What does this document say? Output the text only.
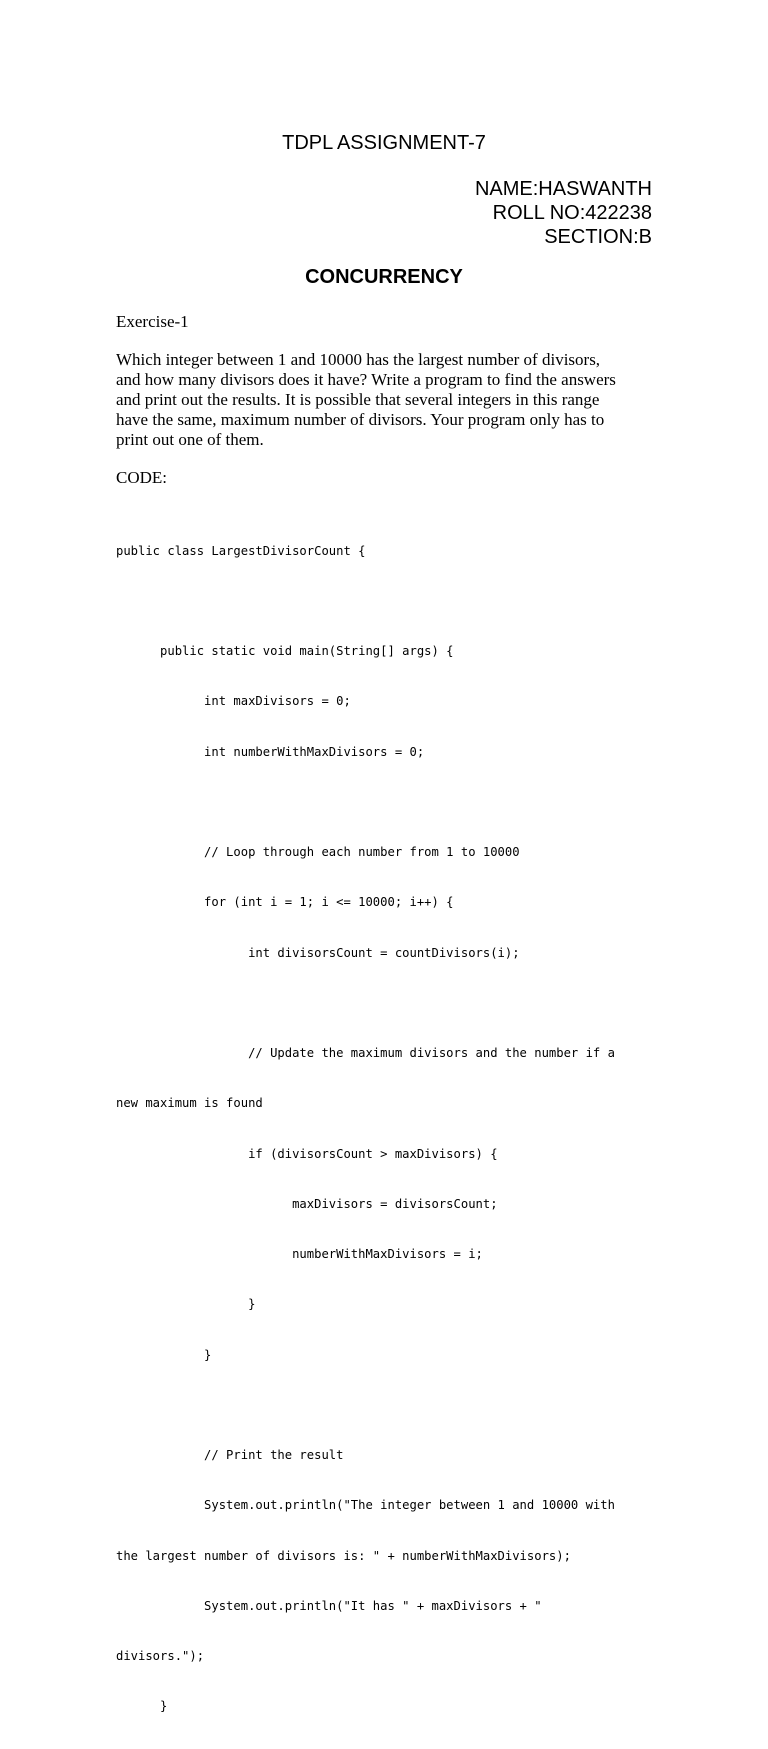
TDPL ASSIGNMENT-7
NAME:HASWANTH
ROLL NO:422238
SECTION:B
CONCURRENCY
Exercise-1
Which integer between 1 and 10000 has the largest number of divisors,
and how many divisors does it have? Write a program to find the answers
and print out the results. It is possible that several integers in this range
have the same, maximum number of divisors. Your program only has to
print out one of them.
CODE:

public class LargestDivisorCount {

public static void main(String[] args) {

int maxDivisors = 0;

int numberWithMaxDivisors = 0;

// Loop through each number from 1 to 10000

for (int i = 1; i <= 10000; i++) {

int divisorsCount = countDivisors(i);

// Update the maximum divisors and the number if a

new maximum is found

if (divisorsCount > maxDivisors) {

maxDivisors = divisorsCount;

numberWithMaxDivisors = i;

}

}

// Print the result

System.out.println("The integer between 1 and 10000 with

the largest number of divisors is: " + numberWithMaxDivisors);

System.out.println("It has " + maxDivisors + "

divisors.");

}
